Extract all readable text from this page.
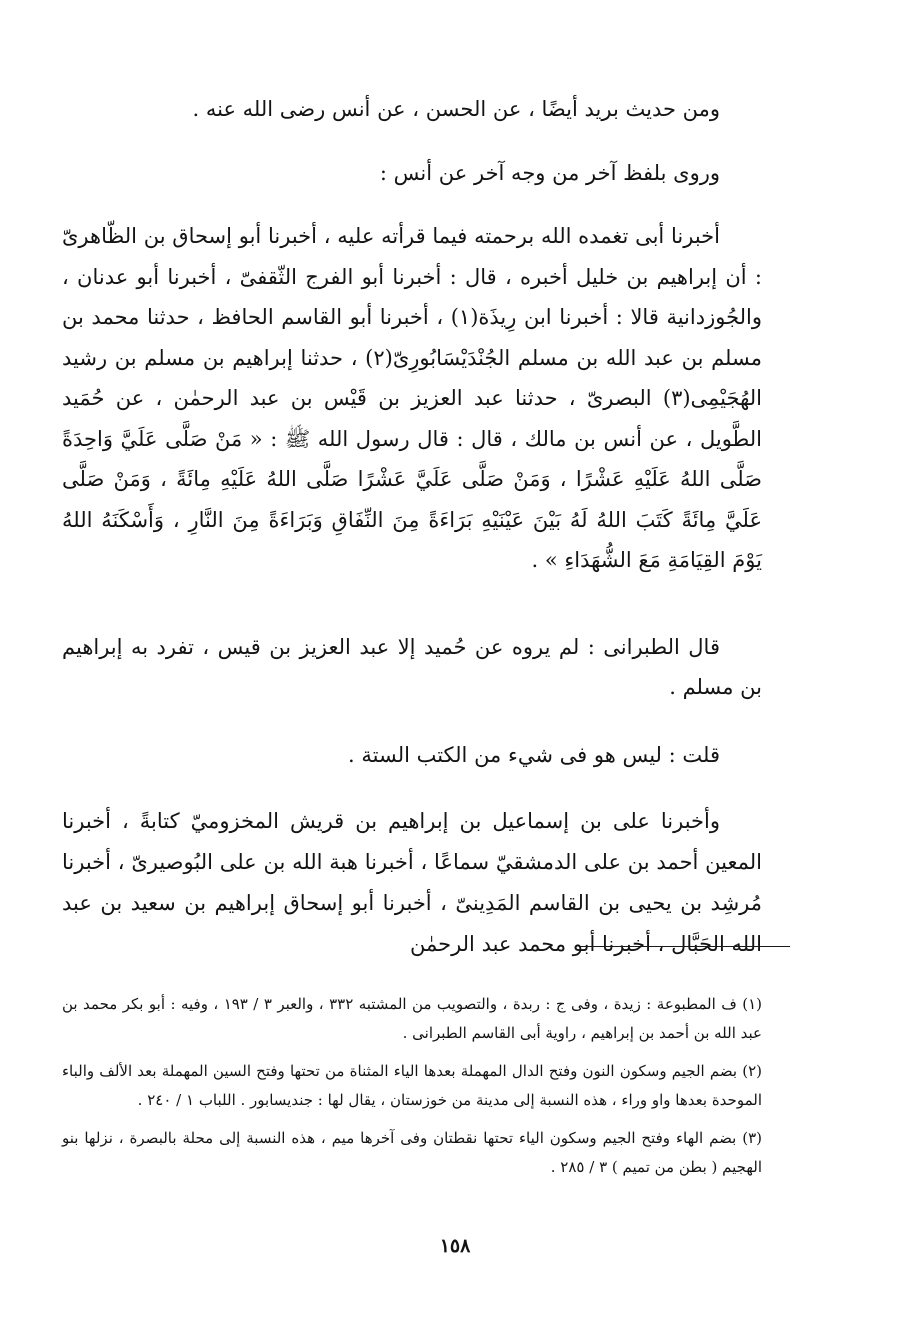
ومن حديث بريد أيضًا ، عن الحسن ، عن أنس رضى الله عنه .

وروى بلفظ آخر من وجه آخر عن أنس :

أخبرنا أبى تغمده الله برحمته فيما قرأته عليه ، أخبرنا أبو إسحاق بن الظّاهرىّ : أن إبراهيم بن خليل أخبره ، قال : أخبرنا أبو الفرج الثّقفىّ ، أخبرنا أبو عدنان ، والجُوزدانية قالا : أخبرنا ابن رِيذَة(١) ، أخبرنا أبو القاسم الحافظ ، حدثنا محمد بن مسلم بن عبد الله بن مسلم الجُنْدَيْسَابُورِىّ(٢) ، حدثنا إبراهيم بن مسلم بن رشيد الهُجَيْمِى(٣) البصرىّ ، حدثنا عبد العزيز بن قَيْس بن عبد الرحمٰن ، عن حُمَيد الطَّويل ، عن أنس بن مالك ، قال : قال رسول الله ﷺ : « مَنْ صَلَّى عَلَيَّ وَاحِدَةً صَلَّى اللهُ عَلَيْهِ عَشْرًا ، وَمَنْ صَلَّى عَلَيَّ عَشْرًا صَلَّى اللهُ عَلَيْهِ مِائَةً ، وَمَنْ صَلَّى عَلَيَّ مِائَةً كَتَبَ اللهُ لَهُ بَيْنَ عَيْنَيْهِ بَرَاءَةً مِنَ النِّفَاقِ وَبَرَاءَةً مِنَ النَّارِ ، وَأَسْكَنَهُ اللهُ يَوْمَ القِيَامَةِ مَعَ الشُّهَدَاءِ » .

قال الطبرانى : لم يروه عن حُميد إلا عبد العزيز بن قيس ، تفرد به إبراهيم بن مسلم .

قلت : ليس هو فى شيء من الكتب الستة .

وأخبرنا على بن إسماعيل بن إبراهيم بن قريش المخزوميّ كتابةً ، أخبرنا المعين أحمد بن على الدمشقيّ سماعًا ، أخبرنا هبة الله بن على البُوصيرىّ ، أخبرنا مُرشِد بن يحيى بن القاسم المَدِينىّ ، أخبرنا أبو إسحاق إبراهيم بن سعيد بن عبد الله الحَبَّال ، أخبرنا أبو محمد عبد الرحمٰن

(١) ف المطبوعة : زيدة ، وفى ج : ربدة ، والتصويب من المشتبه ٣٣٢ ، والعبر ٣ / ١٩٣ ، وفيه : أبو بكر محمد بن عبد الله بن أحمد بن إبراهيم ، راوية أبى القاسم الطبرانى .

(٢) بضم الجيم وسكون النون وفتح الدال المهملة بعدها الياء المثناة من تحتها وفتح السين المهملة بعد الألف والباء الموحدة بعدها واو وراء ، هذه النسبة إلى مدينة من خوزستان ، يقال لها : جنديسابور . اللباب ١ / ٢٤٠ .

(٣) بضم الهاء وفتح الجيم وسكون الياء تحتها نقطتان وفى آخرها ميم ، هذه النسبة إلى محلة بالبصرة ، نزلها بنو الهجيم ( بطن من تميم ) ٣ / ٢٨٥ .

١٥٨
